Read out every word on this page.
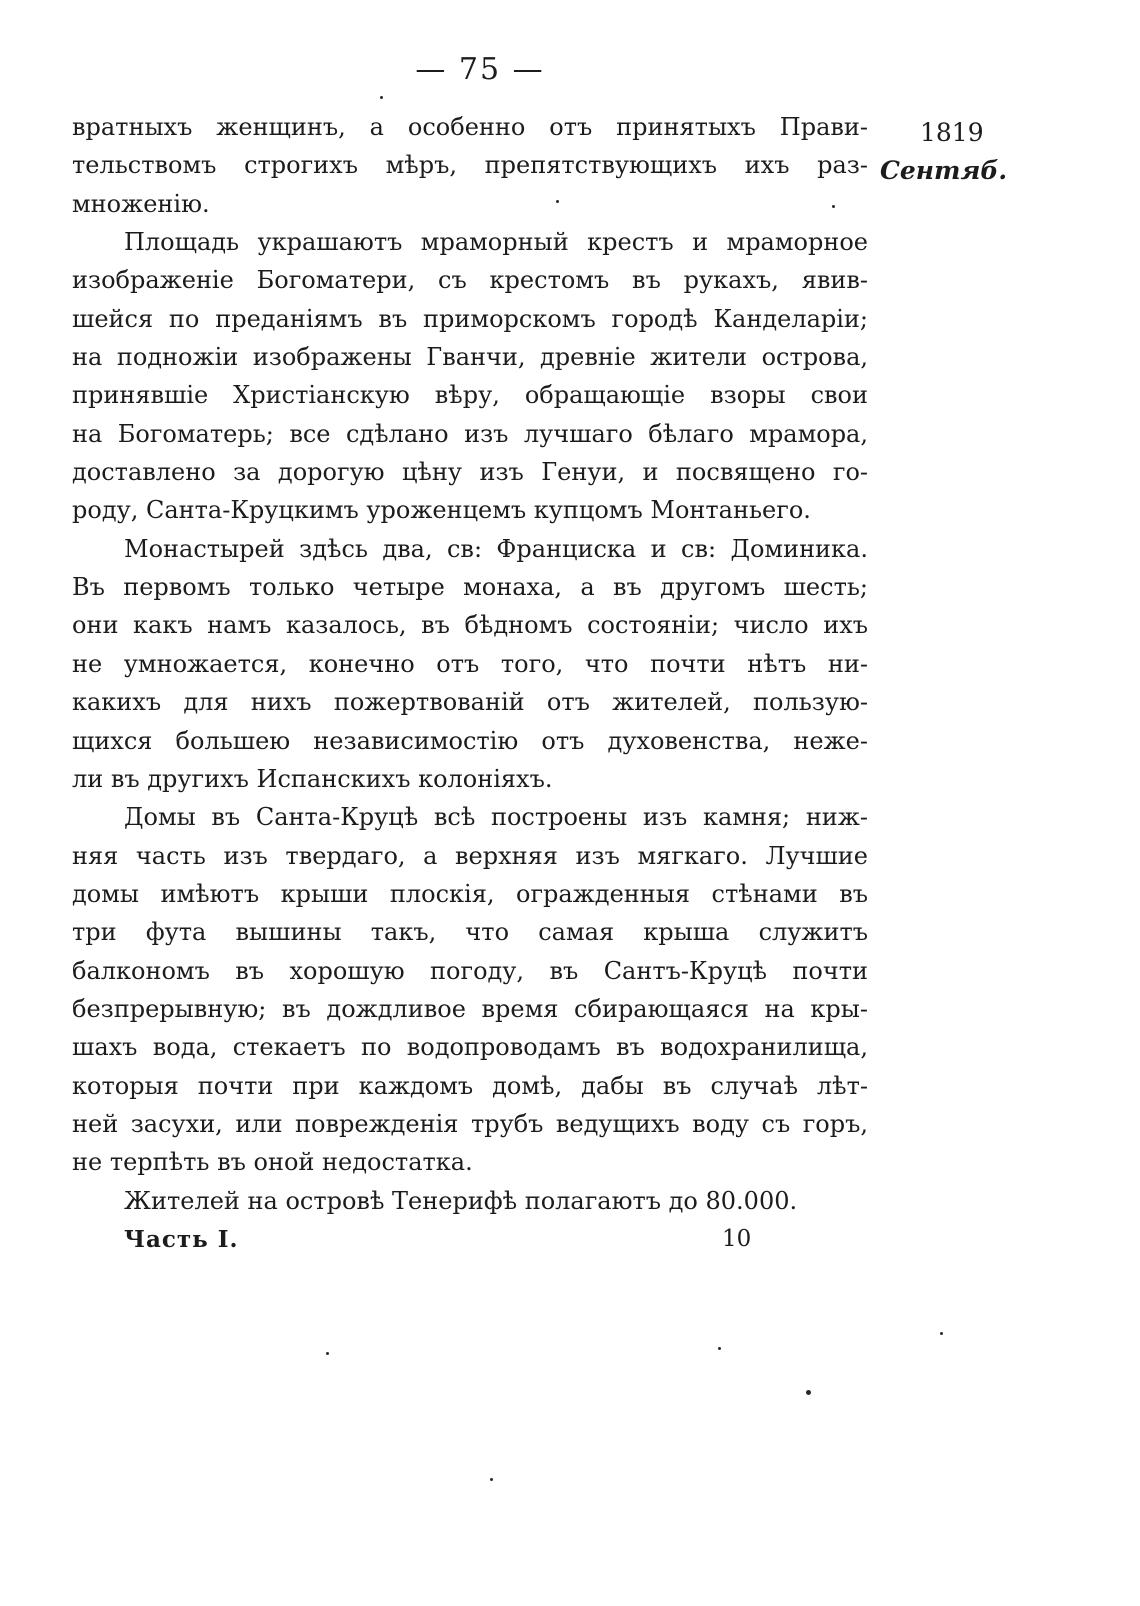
— 75 —
1819
Сентяб.
вратныхъ женщинъ, а особенно отъ принятыхъ Прави-
тельствомъ строгихъ мѣръ, препятствующихъ ихъ раз-
множенію.
Площадь украшаютъ мраморный крестъ и мраморное
изображеніе Богоматери, съ крестомъ въ рукахъ, явив-
шейся по преданіямъ въ приморскомъ городѣ Канделаріи;
на подножіи изображены Гванчи, древніе жители острова,
принявшіе Христіанскую вѣру, обращающіе взоры свои
на Богоматерь; все сдѣлано изъ лучшаго бѣлаго мрамора,
доставлено за дорогую цѣну изъ Генуи, и посвящено го-
роду, Санта-Круцкимъ уроженцемъ купцомъ Монтаньего.
Монастырей здѣсь два, св: Франциска и св: Доминика.
Въ первомъ только четыре монаха, а въ другомъ шесть;
они какъ намъ казалось, въ бѣдномъ состояніи; число ихъ
не умножается, конечно отъ того, что почти нѣтъ ни-
какихъ для нихъ пожертвованій отъ жителей, пользую-
щихся большею независимостію отъ духовенства, нежe-
ли въ другихъ Испанскихъ колоніяхъ.
Домы въ Санта-Круцѣ всѣ построены изъ камня; ниж-
няя часть изъ твердаго, а верхняя изъ мягкаго. Лучшие
домы имѣютъ крыши плоскія, огражденныя стѣнами въ
три фута вышины такъ, что самая крыша служитъ
балкономъ въ хорошую погоду, въ Сантъ-Круцѣ почти
безпрерывную; въ дождливое время сбирающаяся на кры-
шахъ вода, стекаетъ по водопроводамъ въ водохранилища,
которыя почти при каждомъ домѣ, дабы въ случаѣ лѣт-
ней засухи, или поврежденія трубъ ведущихъ воду съ горъ,
не терпѣть въ оной недостатка.
Жителей на островѣ Тенерифѣ полагаютъ до 80.000.
Часть I.	10
